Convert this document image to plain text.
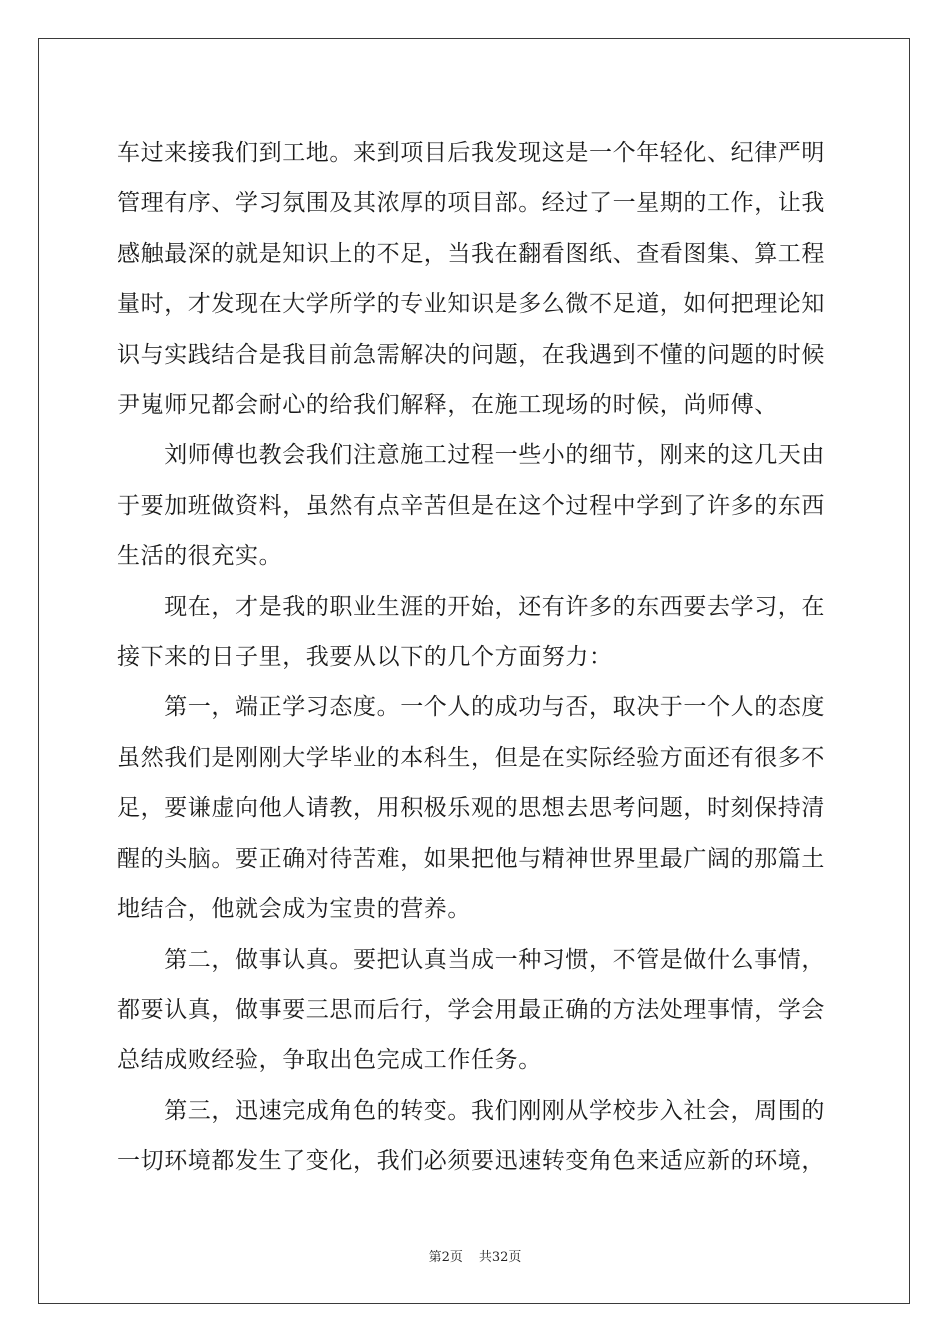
车过来接我们到工地。来到项目后我发现这是一个年轻化、纪律严明
管理有序、学习氛围及其浓厚的项目部。经过了一星期的工作，让我
感触最深的就是知识上的不足，当我在翻看图纸、查看图集、算工程
量时，才发现在大学所学的专业知识是多么微不足道，如何把理论知
识与实践结合是我目前急需解决的问题，在我遇到不懂的问题的时候
尹嵬师兄都会耐心的给我们解释，在施工现场的时候，尚师傅、
　　刘师傅也教会我们注意施工过程一些小的细节，刚来的这几天由
于要加班做资料，虽然有点辛苦但是在这个过程中学到了许多的东西
生活的很充实。
　　现在，才是我的职业生涯的开始，还有许多的东西要去学习，在
接下来的日子里，我要从以下的几个方面努力：
　　第一，端正学习态度。一个人的成功与否，取决于一个人的态度
虽然我们是刚刚大学毕业的本科生，但是在实际经验方面还有很多不
足，要谦虚向他人请教，用积极乐观的思想去思考问题，时刻保持清
醒的头脑。要正确对待苦难，如果把他与精神世界里最广阔的那篇土
地结合，他就会成为宝贵的营养。
　　第二，做事认真。要把认真当成一种习惯，不管是做什么事情，
都要认真，做事要三思而后行，学会用最正确的方法处理事情，学会
总结成败经验，争取出色完成工作任务。
　　第三，迅速完成角色的转变。我们刚刚从学校步入社会，周围的
一切环境都发生了变化，我们必须要迅速转变角色来适应新的环境，
第2页 共32页
